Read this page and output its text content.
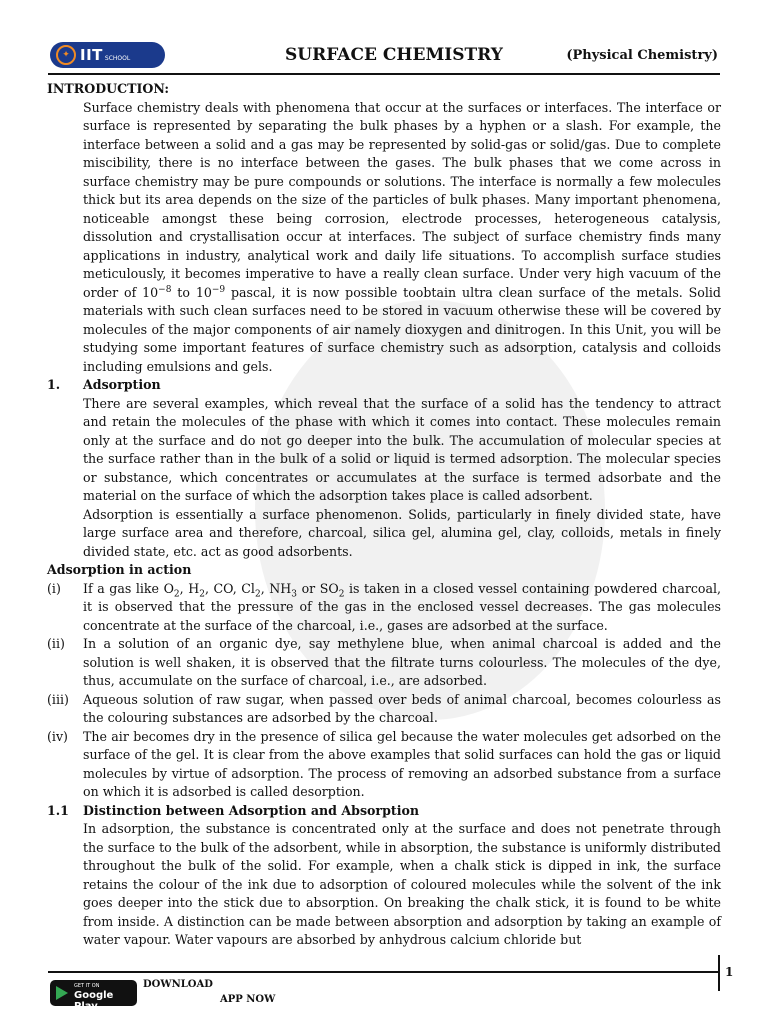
✦ IIT SCHOOL	SURFACE CHEMISTRY	(Physical Chemistry)

INTRODUCTION:

Surface chemistry deals with phenomena that occur at the surfaces or interfaces. The interface or surface is represented by separating the bulk phases by a hyphen or a slash. For example, the interface between a solid and a gas may be represented by solid-gas or solid/gas. Due to complete miscibility, there is no interface between the gases. The bulk phases that we come across in surface chemistry may be pure compounds or solutions. The interface is normally a few molecules thick but its area depends on the size of the particles of bulk phases. Many important phenomena, noticeable amongst these being corrosion, electrode processes, heterogeneous catalysis, dissolution and crystallisation occur at interfaces. The subject of surface chemistry finds many applications in industry, analytical work and daily life situations. To accomplish surface studies meticulously, it becomes imperative to have a really clean surface. Under very high vacuum of the order of $10^{-8}$ to $10^{-9}$ pascal, it is now possible toobtain ultra clean surface of the metals. Solid materials with such clean surfaces need to be stored in vacuum otherwise these will be covered by molecules of the major components of air namely dioxygen and dinitrogen. In this Unit, you will be studying some important features of surface chemistry such as adsorption, catalysis and colloids including emulsions and gels.

1.	Adsorption

There are several examples, which reveal that the surface of a solid has the tendency to attract and retain the molecules of the phase with which it comes into contact. These molecules remain only at the surface and do not go deeper into the bulk. The accumulation of molecular species at the surface rather than in the bulk of a solid or liquid is termed adsorption. The molecular species or substance, which concentrates or accumulates at the surface is termed adsorbate and the material on the surface of which the adsorption takes place is called adsorbent.

Adsorption is essentially a surface phenomenon. Solids, particularly in finely divided state, have large surface area and therefore, charcoal, silica gel, alumina gel, clay, colloids, metals in finely divided state, etc. act as good adsorbents.

Adsorption in action

(i)	If a gas like $O_2$, $H_2$, CO, $Cl_2$, $NH_3$ or $SO_2$ is taken in a closed vessel containing powdered charcoal, it is observed that the pressure of the gas in the enclosed vessel decreases. The gas molecules concentrate at the surface of the charcoal, i.e., gases are adsorbed at the surface.
(ii)	In a solution of an organic dye, say methylene blue, when animal charcoal is added and the solution is well shaken, it is observed that the filtrate turns colourless. The molecules of the dye, thus, accumulate on the surface of charcoal, i.e., are adsorbed.
(iii)	Aqueous solution of raw sugar, when passed over beds of animal charcoal, becomes colourless as the colouring substances are adsorbed by the charcoal.
(iv)	The air becomes dry in the presence of silica gel because the water molecules get adsorbed on the surface of the gel. It is clear from the above examples that solid surfaces can hold the gas or liquid molecules by virtue of adsorption. The process of removing an adsorbed substance from a surface on which it is adsorbed is called desorption.
1.1	Distinction between Adsorption and Absorption

In adsorption, the substance is concentrated only at the surface and does not penetrate through the surface to the bulk of the adsorbent, while in absorption, the substance is uniformly distributed throughout the bulk of the solid. For example, when a chalk stick is dipped in ink, the surface retains the colour of the ink due to adsorption of coloured molecules while the solvent of the ink goes deeper into the stick due to absorption. On breaking the chalk stick, it is found to be white from inside. A distinction can be made between absorption and adsorption by taking an example of water vapour. Water vapours are absorbed by anhydrous calcium chloride but

1
GET IT ON
Google Play
DOWNLOAD
APP NOW
